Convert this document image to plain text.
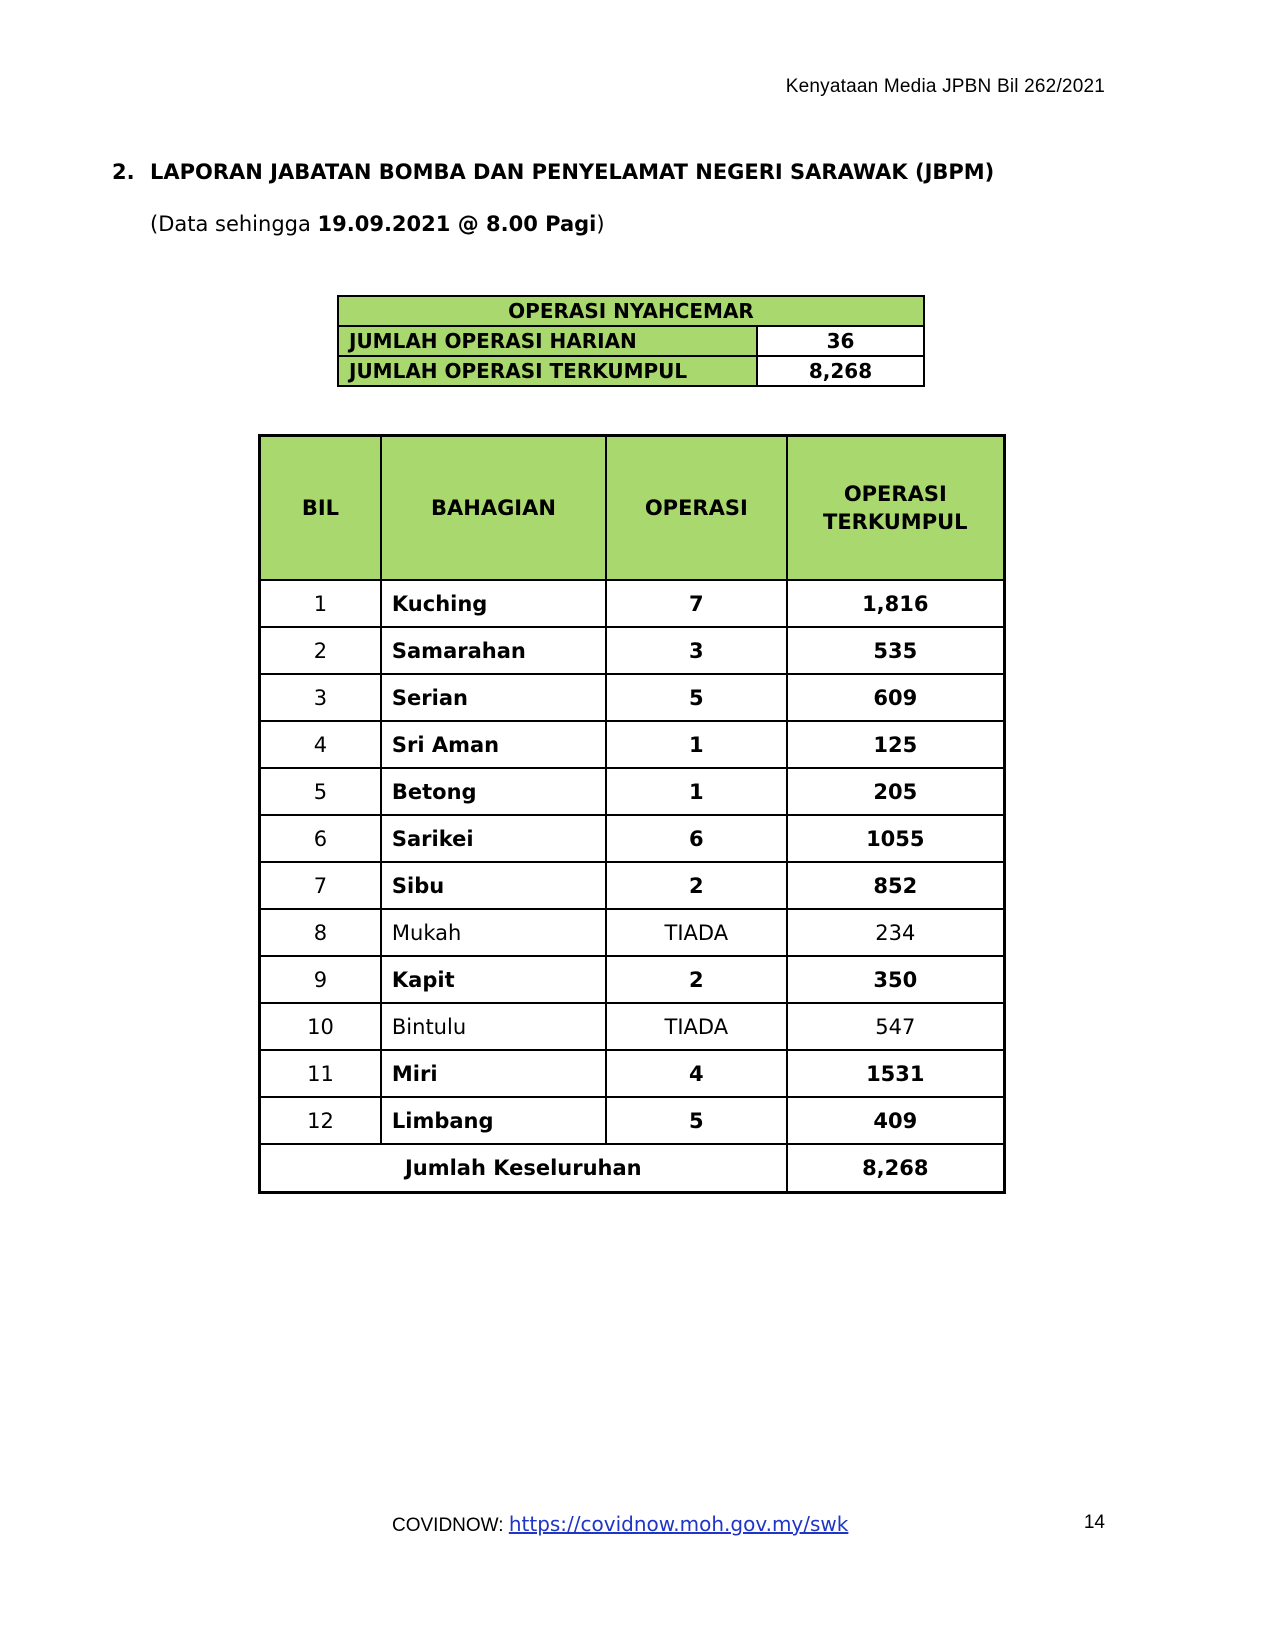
Kenyataan Media JPBN Bil 262/2021
2. LAPORAN JABATAN BOMBA DAN PENYELAMAT NEGERI SARAWAK (JBPM)
(Data sehingga 19.09.2021 @ 8.00 Pagi)
OPERASI NYAHCEMAR	
JUMLAH OPERASI HARIAN	36
JUMLAH OPERASI TERKUMPUL	8,268
BIL	BAHAGIAN	OPERASI	OPERASI
TERKUMPUL
1	Kuching	7	1,816
2	Samarahan	3	535
3	Serian	5	609
4	Sri Aman	1	125
5	Betong	1	205
6	Sarikei	6	1055
7	Sibu	2	852
8	Mukah	TIADA	234
9	Kapit	2	350
10	Bintulu	TIADA	547
11	Miri	4	1531
12	Limbang	5	409
Jumlah Keseluruhan			8,268
COVIDNOW: https://covidnow.moh.gov.my/swk	14
